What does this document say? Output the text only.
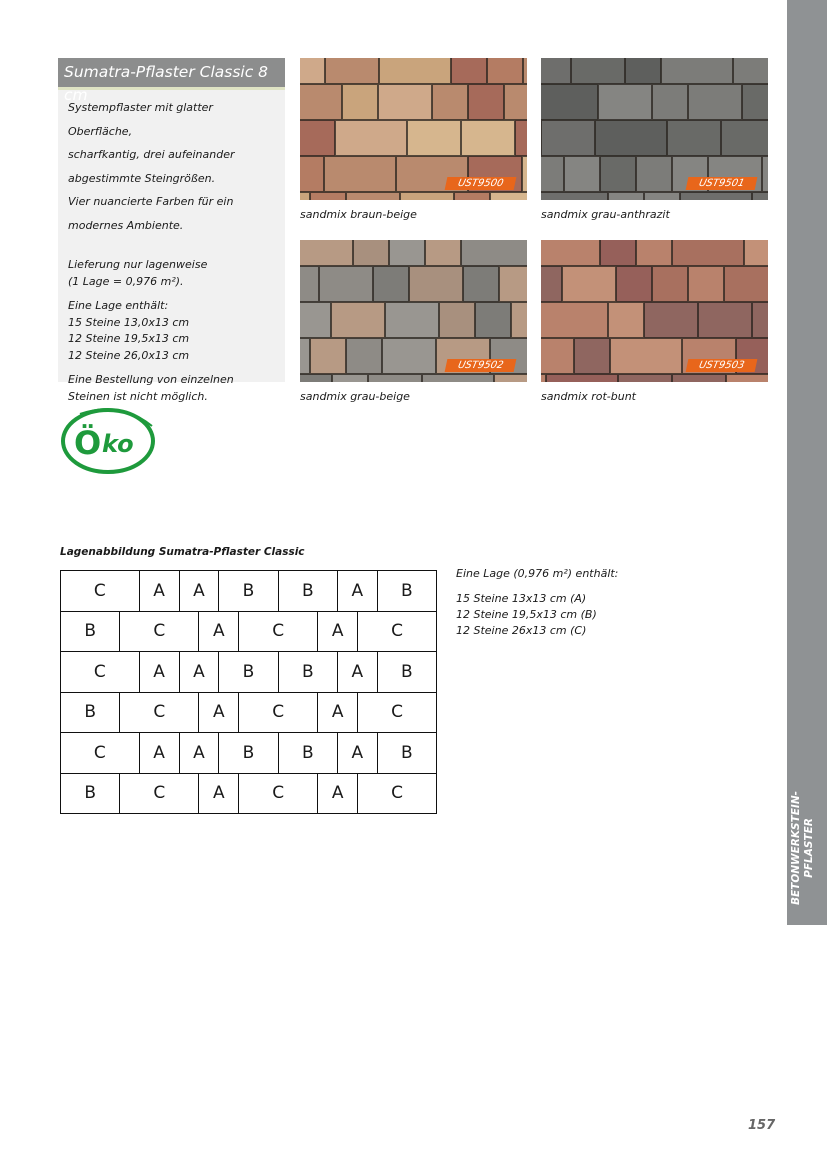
BETONWERKSTEIN- PFLASTER
Sumatra-Pflaster Classic 8 cm

Systempflaster mit glatter Oberfläche,

scharfkantig, drei aufeinander

abgestimmte Steingrößen.

Vier nuancierte Farben für ein

modernes Ambiente.

Lieferung nur lagenweise

(1 Lage = 0,976 m²).

Eine Lage enthält:

15 Steine 13,0x13 cm

12 Steine 19,5x13 cm

12 Steine 26,0x13 cm

Eine Bestellung von einzelnen

Steinen ist nicht möglich.

UST9500
sandmix braun-beige
UST9501
sandmix grau-anthrazit
UST9502
sandmix grau-beige
UST9503
sandmix rot-bunt
Ö ko
Lagenabbildung Sumatra-Pflaster Classic
C	A	A	B	B	A	B
B	C	A	C	A	C
C	A	A	B	B	A	B
B	C	A	C	A	C
C	A	A	B	B	A	B
B	C	A	C	A	C

Eine Lage (0,976 m²) enthält:

15 Steine 13x13 cm (A)

12 Steine 19,5x13 cm (B)

12 Steine 26x13 cm (C)

157
